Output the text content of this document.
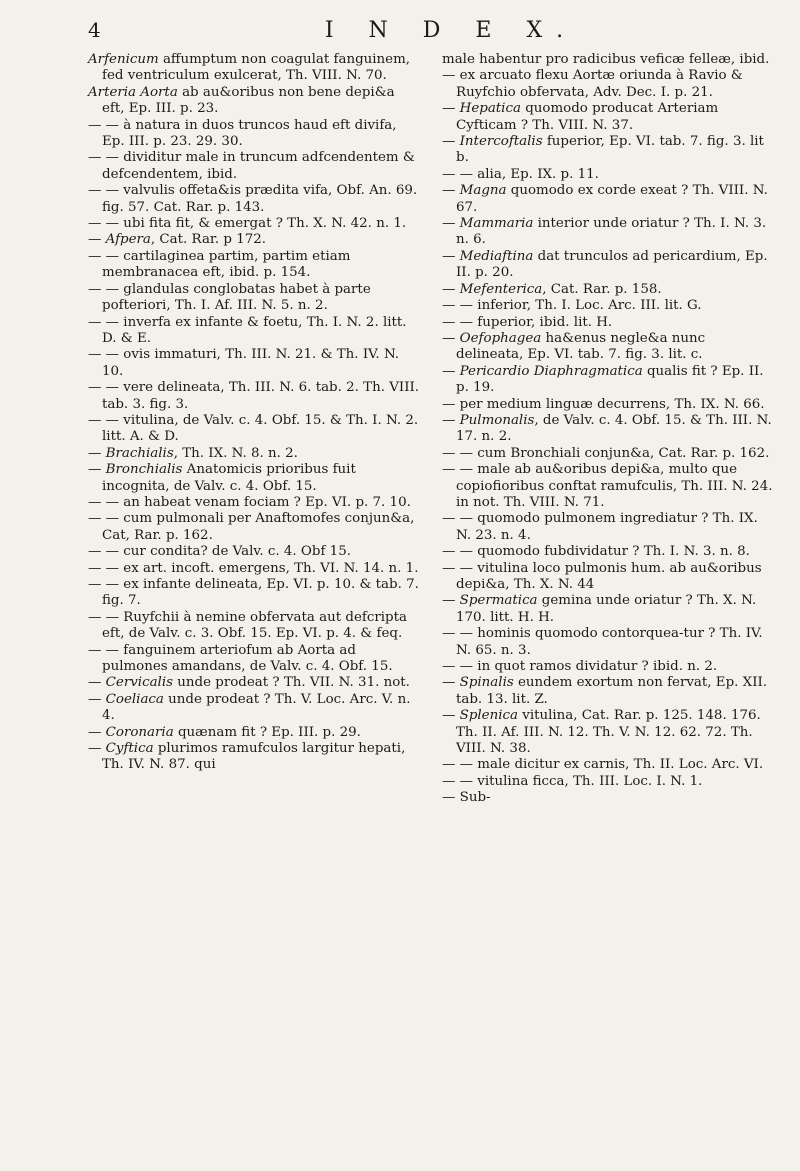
4	I N D E X.

Arfenicum affumptum non coagulat fanguinem, fed ventriculum exulcerat, Th. VIII. N. 70.

Arteria Aorta ab au&oribus non bene depi&a eft, Ep. III. p. 23.

— — à natura in duos truncos haud eft divifa, Ep. III. p. 23. 29. 30.

— — dividitur male in truncum adfcendentem & defcendentem, ibid.

— — valvulis offeta&is prædita vifa, Obf. An. 69. fig. 57. Cat. Rar. p. 143.

— — ubi fita fit, & emergat ? Th. X. N. 42. n. 1.

— Afpera, Cat. Rar. p 172.

— — cartilaginea partim, partim etiam membranacea eft, ibid. p. 154.

— — glandulas conglobatas habet à parte pofteriori, Th. I. Af. III. N. 5. n. 2.

— — inverfa ex infante & foetu, Th. I. N. 2. litt. D. & E.

— — ovis immaturi, Th. III. N. 21. & Th. IV. N. 10.

— — vere delineata, Th. III. N. 6. tab. 2. Th. VIII. tab. 3. fig. 3.

— — vitulina, de Valv. c. 4. Obf. 15. & Th. I. N. 2. litt. A. & D.

— Brachialis, Th. IX. N. 8. n. 2.

— Bronchialis Anatomicis prioribus fuit incognita, de Valv. c. 4. Obf. 15.

— — an habeat venam fociam ? Ep. VI. p. 7. 10.

— — cum pulmonali per Anaftomofes conjun&a, Cat, Rar. p. 162.

— — cur condita? de Valv. c. 4. Obf 15.

— — ex art. incoft. emergens, Th. VI. N. 14. n. 1.

— — ex infante delineata, Ep. VI. p. 10. & tab. 7. fig. 7.

— — Ruyfchii à nemine obfervata aut defcripta eft, de Valv. c. 3. Obf. 15. Ep. VI. p. 4. & feq.

— — fanguinem arteriofum ab Aorta ad pulmones amandans, de Valv. c. 4. Obf. 15.

— Cervicalis unde prodeat ? Th. VII. N. 31. not.

— Coeliaca unde prodeat ? Th. V. Loc. Arc. V. n. 4.

— Coronaria quænam fit ? Ep. III. p. 29.

— Cyftica plurimos ramufculos largitur hepati, Th. IV. N. 87. qui

male habentur pro radicibus veficæ felleæ, ibid.

— ex arcuato flexu Aortæ oriunda à Ravio & Ruyfchio obfervata, Adv. Dec. I. p. 21.

— Hepatica quomodo producat Arteriam Cyfticam ? Th. VIII. N. 37.

— Intercoftalis fuperior, Ep. VI. tab. 7. fig. 3. lit b.

— — alia, Ep. IX. p. 11.

— Magna quomodo ex corde exeat ? Th. VIII. N. 67.

— Mammaria interior unde oriatur ? Th. I. N. 3. n. 6.

— Mediaftina dat trunculos ad pericardium, Ep. II. p. 20.

— Mefenterica, Cat. Rar. p. 158.

— — inferior, Th. I. Loc. Arc. III. lit. G.

— — fuperior, ibid. lit. H.

— Oefophagea ha&enus negle&a nunc delineata, Ep. VI. tab. 7. fig. 3. lit. c.

— Pericardio Diaphragmatica qualis fit ? Ep. II. p. 19.

— per medium linguæ decurrens, Th. IX. N. 66.

— Pulmonalis, de Valv. c. 4. Obf. 15. & Th. III. N. 17. n. 2.

— — cum Bronchiali conjun&a, Cat. Rar. p. 162.

— — male ab au&oribus depi&a, multo que copiofioribus conftat ramufculis, Th. III. N. 24. in not. Th. VIII. N. 71.

— — quomodo pulmonem ingrediatur ? Th. IX. N. 23. n. 4.

— — quomodo fubdividatur ? Th. I. N. 3. n. 8.

— — vitulina loco pulmonis hum. ab au&oribus depi&a, Th. X. N. 44

— Spermatica gemina unde oriatur ? Th. X. N. 170. litt. H. H.

— — hominis quomodo contorquea-tur ? Th. IV. N. 65. n. 3.

— — in quot ramos dividatur ? ibid. n. 2.

— Spinalis eundem exortum non fervat, Ep. XII. tab. 13. lit. Z.

— Splenica vitulina, Cat. Rar. p. 125. 148. 176. Th. II. Af. III. N. 12. Th. V. N. 12. 62. 72. Th. VIII. N. 38.

— — male dicitur ex carnis, Th. II. Loc. Arc. VI.

— — vitulina ficca, Th. III. Loc. I. N. 1.

— Sub-
